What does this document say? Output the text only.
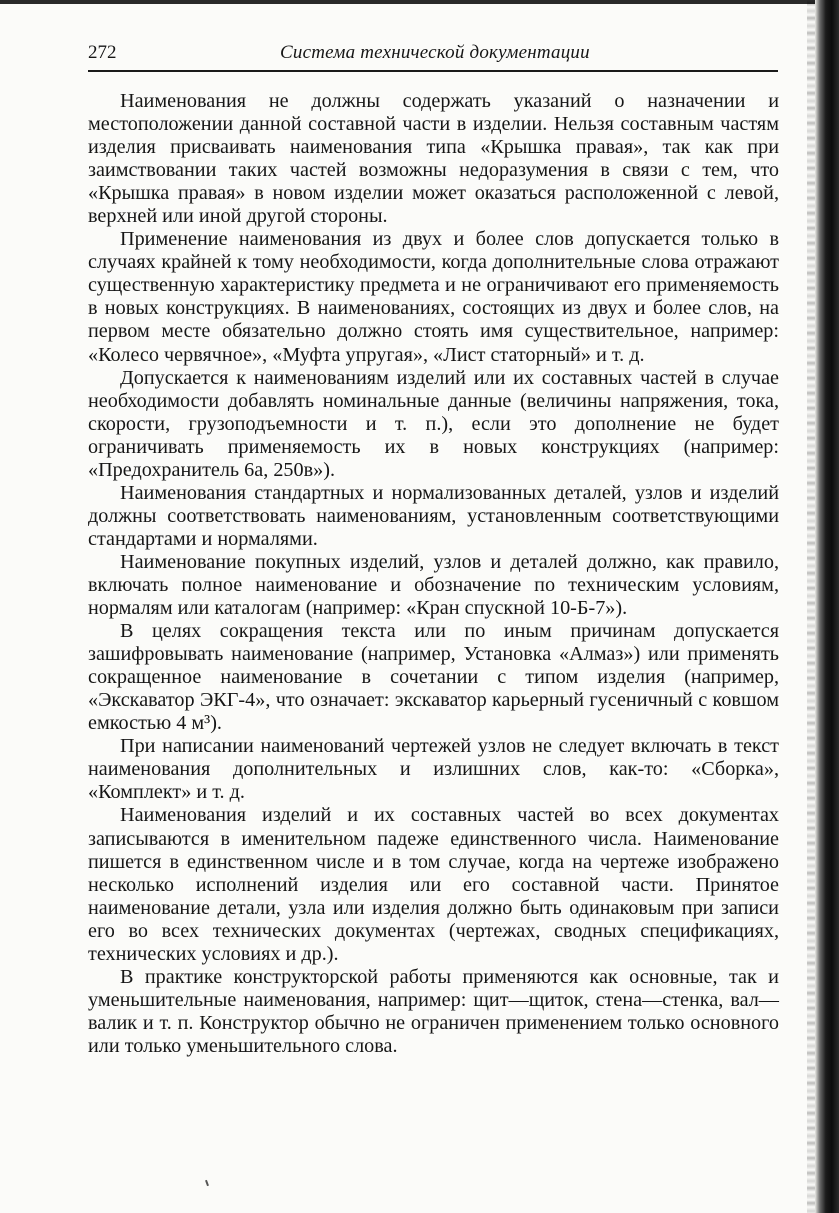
272	Система технической документации

Наименования не должны содержать указаний о назначении и местоположении данной составной части в изделии. Нельзя составным частям изделия присваивать наименования типа «Крышка правая», так как при заимствовании таких частей возможны недоразумения в связи с тем, что «Крышка правая» в новом изделии может оказаться расположенной с левой, верхней или иной другой стороны.

Применение наименования из двух и более слов допускается только в случаях крайней к тому необходимости, когда дополнительные слова отражают существенную характеристику предмета и не ограничивают его применяемость в новых конструкциях. В наименованиях, состоящих из двух и более слов, на первом месте обязательно должно стоять имя существительное, например: «Колесо червячное», «Муфта упругая», «Лист статорный» и т. д.

Допускается к наименованиям изделий или их составных частей в случае необходимости добавлять номинальные данные (величины напряжения, тока, скорости, грузоподъемности и т. п.), если это дополнение не будет ограничивать применяемость их в новых конструкциях (например: «Предохранитель 6а, 250в»).

Наименования стандартных и нормализованных деталей, узлов и изделий должны соответствовать наименованиям, установленным соответствующими стандартами и нормалями.

Наименование покупных изделий, узлов и деталей должно, как правило, включать полное наименование и обозначение по техническим условиям, нормалям или каталогам (например: «Кран спускной 10-Б-7»).

В целях сокращения текста или по иным причинам допускается зашифровывать наименование (например, Установка «Алмаз») или применять сокращенное наименование в сочетании с типом изделия (например, «Экскаватор ЭКГ-4», что означает: экскаватор карьерный гусеничный с ковшом емкостью 4 м³).

При написании наименований чертежей узлов не следует включать в текст наименования дополнительных и излишних слов, как-то: «Сборка», «Комплект» и т. д.

Наименования изделий и их составных частей во всех документах записываются в именительном падеже единственного числа. Наименование пишется в единственном числе и в том случае, когда на чертеже изображено несколько исполнений изделия или его составной части. Принятое наименование детали, узла или изделия должно быть одинаковым при записи его во всех технических документах (чертежах, сводных спецификациях, технических условиях и др.).

В практике конструкторской работы применяются как основные, так и уменьшительные наименования, например: щит—щиток, стена—стенка, вал—валик и т. п. Конструктор обычно не ограничен применением только основного или только уменьшительного слова.
